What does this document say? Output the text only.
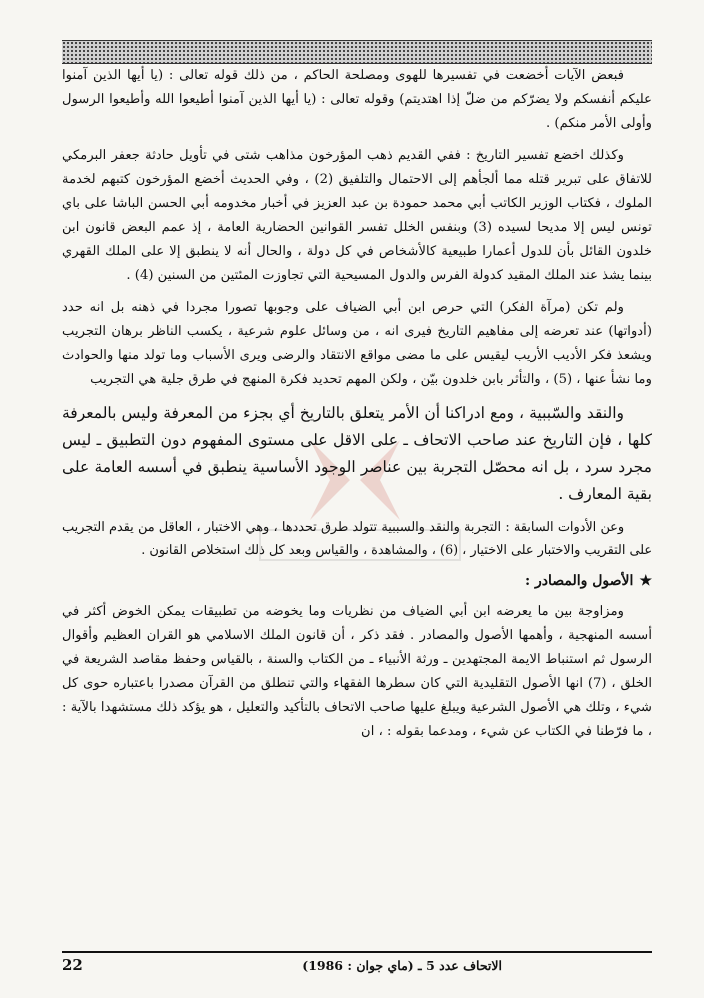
فبعض الآيات أخضعت في تفسيرها للهوى ومصلحة الحاكم ، من ذلك قوله تعالى : (يا أيها الذين آمنوا عليكم أنفسكم ولا يضرّكم من ضلّ إذا اهتديتم) وقوله تعالى : (يا أيها الذين آمنوا أطيعوا الله وأطيعوا الرسول وأولى الأمر منكم) .

وكذلك اخضع تفسير التاريخ : ففي القديم ذهب المؤرخون مذاهب شتى في تأويل حادثة جعفر البرمكي للاتفاق على تبرير قتله مما ألجأهم إلى الاحتمال والتلفيق (2) ، وفي الحديث أخضع المؤرخون كتبهم لخدمة الملوك ، فكتاب الوزير الكاتب أبي محمد حمودة بن عبد العزيز في أخبار مخدومه أبي الحسن الباشا على باي تونس ليس إلا مديحا لسيده (3) وبنفس الخلل تفسر القوانين الحضارية العامة ، إذ عمم البعض قانون ابن خلدون القائل بأن للدول أعمارا طبيعية كالأشخاص في كل دولة ، والحال أنه لا ينطبق إلا على الملك القهري بينما يشذ عند الملك المقيد كدولة الفرس والدول المسيحية التي تجاوزت المئتين من السنين (4) .

ولم تكن (مرآة الفكر) التي حرص ابن أبي الضياف على وجوبها تصورا مجردا في ذهنه بل انه حدد (أدواتها) عند تعرضه إلى مفاهيم التاريخ فيرى انه ، من وسائل علوم شرعية ، يكسب الناظر برهان التجريب ويشعذ فكر الأديب الأريب ليقيس على ما مضى مواقع الانتقاد والرضى ويرى الأسباب وما تولد منها والحوادث وما نشأ عنها ، (5) ، والتأثر بابن خلدون بيّن ، ولكن المهم تحديد فكرة المنهج في طرق جلية هي التجريب

والنقد والسّببية ، ومع ادراكنا أن الأمر يتعلق بالتاريخ أي بجزء من المعرفة وليس بالمعرفة كلها ، فإن التاريخ عند صاحب الاتحاف ـ على الاقل على مستوى المفهوم دون التطبيق ـ ليس مجرد سرد ، بل انه محصّل التجربة بين عناصر الوجود الأساسية ينطبق في أسسه العامة على بقية المعارف .

وعن الأدوات السابقة : التجربة والنقد والسببية تتولد طرق تحددها ، وهي الاختبار ، العاقل من يقدم التجريب على التقريب والاختبار على الاختيار ، (6) ، والمشاهدة ، والقياس وبعد كل ذلك استخلاص القانون .

★الأصول والمصادر :

ومزاوجة بين ما يعرضه ابن أبي الضياف من نظريات وما يخوضه من تطبيقات يمكن الخوض أكثر في أسسه المنهجية ، وأهمها الأصول والمصادر . فقد ذكر ، أن قانون الملك الاسلامي هو القران العظيم وأقوال الرسول ثم استنباط الايمة المجتهدين ـ ورثة الأنبياء ـ من الكتاب والسنة ، بالقياس وحفظ مقاصد الشريعة في الخلق ، (7) انها الأصول التقليدية التي كان سطرها الفقهاء والتي تنطلق من القرآن مصدرا باعتباره حوى كل شيء ، وتلك هي الأصول الشرعية ويبلغ عليها صاحب الاتحاف بالتأكيد والتعليل ، هو يؤكد ذلك مستشهدا بالآية : ، ما فرّطنا في الكتاب عن شيء ، ومدعما بقوله : ، ان

الاتحاف عدد 5 ـ (ماي جوان : 1986)
22
